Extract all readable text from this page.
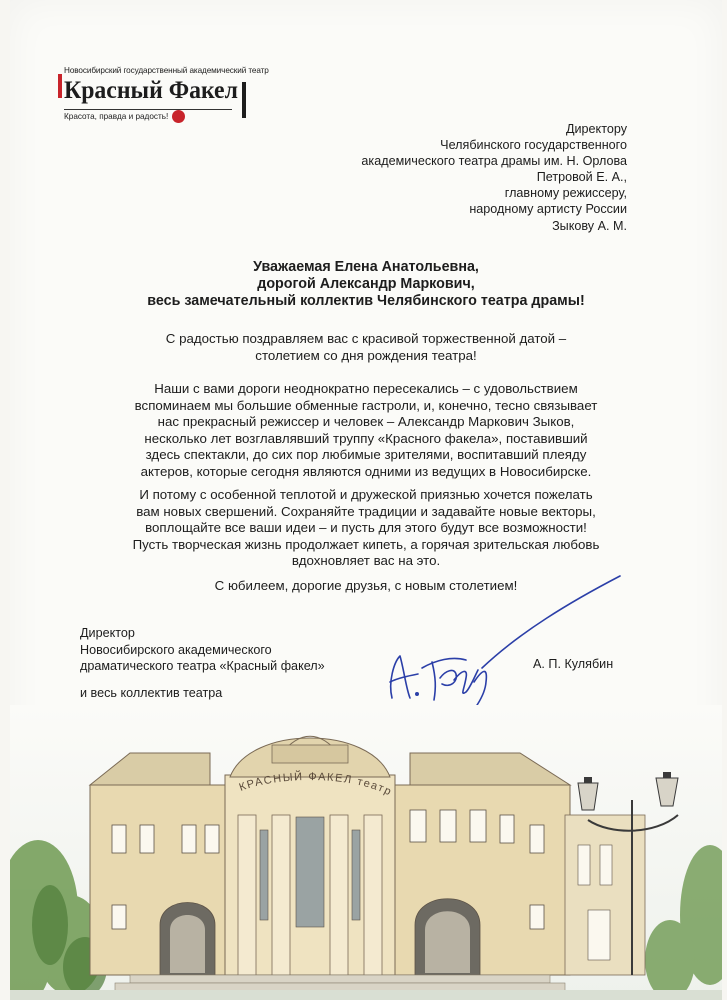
Новосибирский государственный академический театр
Красный Факел
Красота, правда и радость!
Директору
Челябинского государственного
академического театра драмы им. Н. Орлова
Петровой Е. А.,
главному режиссеру,
народному артисту России
Зыкову А. М.
Уважаемая Елена Анатольевна,
дорогой Александр Маркович,
весь замечательный коллектив Челябинского театра драмы!
С радостью поздравляем вас с красивой торжественной датой –
столетием со дня рождения театра!
Наши с вами дороги неоднократно пересекались – с удовольствием
вспоминаем мы большие обменные гастроли, и, конечно, тесно связывает
нас прекрасный режиссер и человек – Александр Маркович Зыков,
несколько лет возглавлявший труппу «Красного факела», поставивший
здесь спектакли, до сих пор любимые зрителями, воспитавший плеяду
актеров, которые сегодня являются одними из ведущих в Новосибирске.
И потому с особенной теплотой и дружеской приязнью хочется пожелать
вам новых свершений. Сохраняйте традиции и задавайте новые векторы,
воплощайте все ваши идеи – и пусть для этого будут все возможности!
Пусть творческая жизнь продолжает кипеть, а горячая зрительская любовь
вдохновляет вас на это.
С юбилеем, дорогие друзья, с новым столетием!
Директор
Новосибирского академического
драматического театра «Красный факел»
и весь коллектив театра
А. П. Кулябин
КРАСНЫЙ ФАКЕЛ театр
